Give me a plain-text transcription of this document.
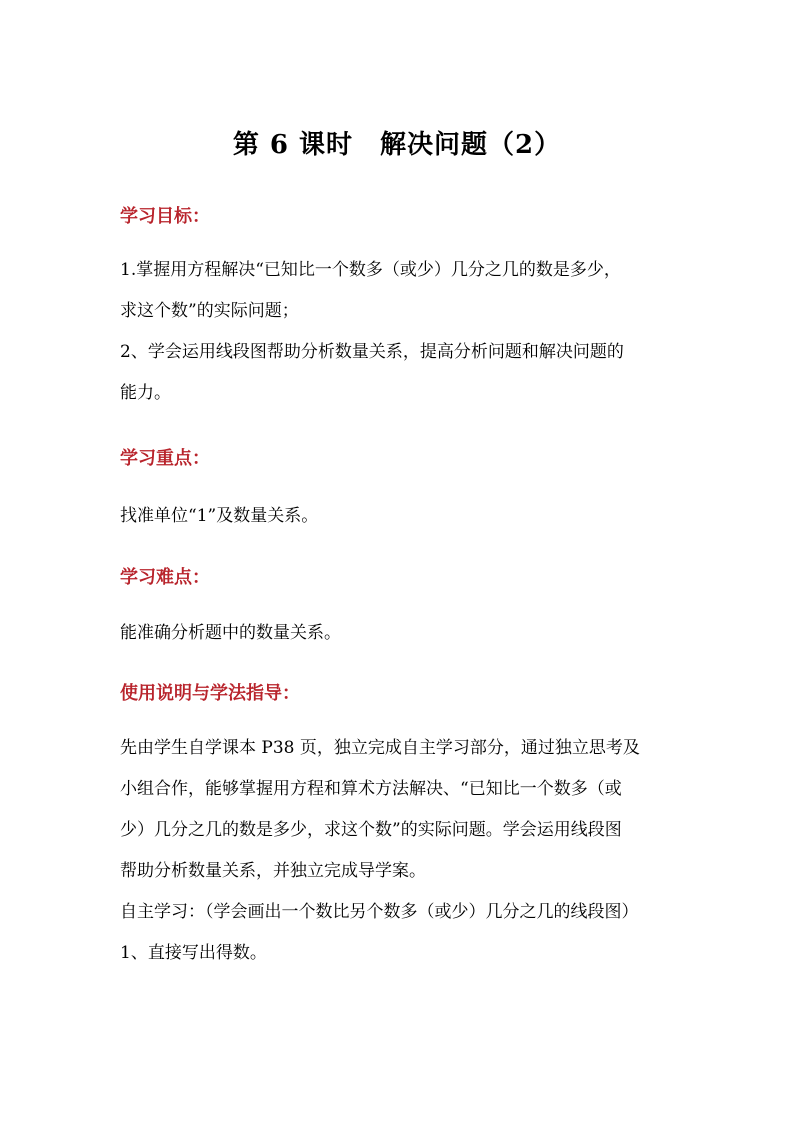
第 6 课时　解决问题（2）
学习目标：
1.掌握用方程解决“已知比一个数多（或少）几分之几的数是多少，
求这个数”的实际问题；
2、学会运用线段图帮助分析数量关系，提高分析问题和解决问题的
能力。
学习重点：
找准单位“1”及数量关系。
学习难点：
能准确分析题中的数量关系。
使用说明与学法指导：
先由学生自学课本 P38 页，独立完成自主学习部分，通过独立思考及
小组合作，能够掌握用方程和算术方法解决、“已知比一个数多（或
少）几分之几的数是多少，求这个数”的实际问题。学会运用线段图
帮助分析数量关系，并独立完成导学案。
自主学习：（学会画出一个数比另个数多（或少）几分之几的线段图）
1、直接写出得数。
